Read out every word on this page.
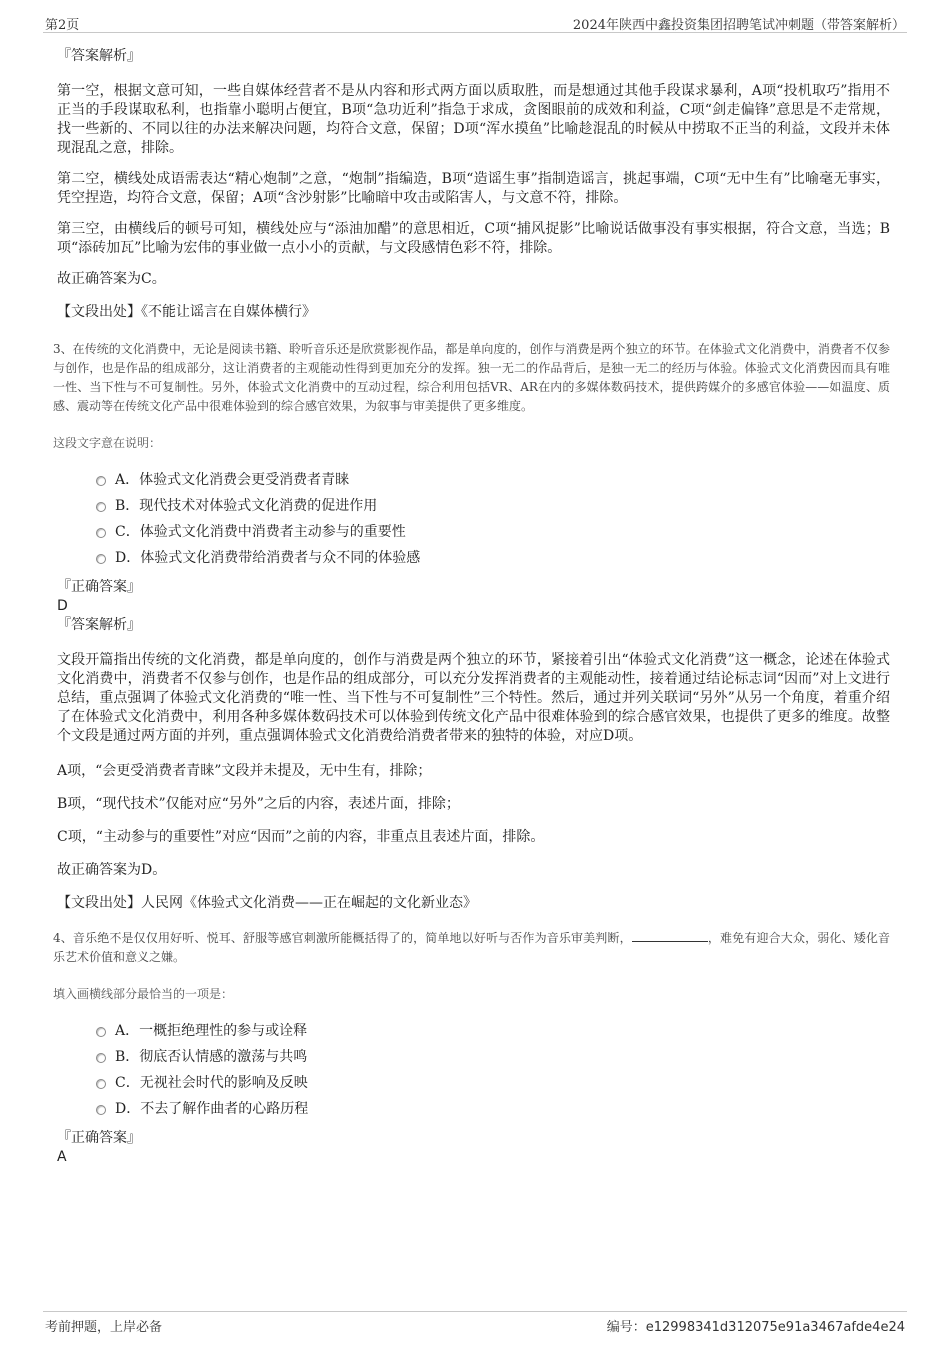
第2页	2024年陕西中鑫投资集团招聘笔试冲刺题（带答案解析）

『答案解析』

第一空，根据文意可知，一些自媒体经营者不是从内容和形式两方面以质取胜，而是想通过其他手段谋求暴利，A项“投机取巧”指用不正当的手段谋取私利，也指靠小聪明占便宜，B项“急功近利”指急于求成，贪图眼前的成效和利益，C项“剑走偏锋”意思是不走常规，找一些新的、不同以往的办法来解决问题，均符合文意，保留；D项“浑水摸鱼”比喻趁混乱的时候从中捞取不正当的利益，文段并未体现混乱之意，排除。

第二空，横线处成语需表达“精心炮制”之意，“炮制”指编造，B项“造谣生事”指制造谣言，挑起事端，C项“无中生有”比喻毫无事实，凭空捏造，均符合文意，保留；A项“含沙射影”比喻暗中攻击或陷害人，与文意不符，排除。

第三空，由横线后的顿号可知，横线处应与“添油加醋”的意思相近，C项“捕风捉影”比喻说话做事没有事实根据，符合文意，当选；B项“添砖加瓦”比喻为宏伟的事业做一点小小的贡献，与文段感情色彩不符，排除。

故正确答案为C。

【文段出处】《不能让谣言在自媒体横行》

3、在传统的文化消费中，无论是阅读书籍、聆听音乐还是欣赏影视作品，都是单向度的，创作与消费是两个独立的环节。在体验式文化消费中，消费者不仅参与创作，也是作品的组成部分，这让消费者的主观能动性得到更加充分的发挥。独一无二的作品背后，是独一无二的经历与体验。体验式文化消费因而具有唯一性、当下性与不可复制性。另外，体验式文化消费中的互动过程，综合利用包括VR、AR在内的多媒体数码技术，提供跨媒介的多感官体验——如温度、质感、震动等在传统文化产品中很难体验到的综合感官效果，为叙事与审美提供了更多维度。

这段文字意在说明：

A．体验式文化消费会更受消费者青睐
B．现代技术对体验式文化消费的促进作用
C．体验式文化消费中消费者主动参与的重要性
D．体验式文化消费带给消费者与众不同的体验感

『正确答案』

D

『答案解析』

文段开篇指出传统的文化消费，都是单向度的，创作与消费是两个独立的环节，紧接着引出“体验式文化消费”这一概念，论述在体验式文化消费中，消费者不仅参与创作，也是作品的组成部分，可以充分发挥消费者的主观能动性，接着通过结论标志词“因而”对上文进行总结，重点强调了体验式文化消费的“唯一性、当下性与不可复制性”三个特性。然后，通过并列关联词“另外”从另一个角度，着重介绍了在体验式文化消费中，利用各种多媒体数码技术可以体验到传统文化产品中很难体验到的综合感官效果，也提供了更多的维度。故整个文段是通过两方面的并列，重点强调体验式文化消费给消费者带来的独特的体验，对应D项。

A项，“会更受消费者青睐”文段并未提及，无中生有，排除；

B项，“现代技术”仅能对应“另外”之后的内容，表述片面，排除；

C项，“主动参与的重要性”对应“因而”之前的内容，非重点且表述片面，排除。

故正确答案为D。

【文段出处】人民网《体验式文化消费——正在崛起的文化新业态》

4、音乐绝不是仅仅用好听、悦耳、舒服等感官刺激所能概括得了的，简单地以好听与否作为音乐审美判断，	，难免有迎合大众，弱化、矮化音乐艺术价值和意义之嫌。

填入画横线部分最恰当的一项是：

A．一概拒绝理性的参与或诠释
B．彻底否认情感的激荡与共鸣
C．无视社会时代的影响及反映
D．不去了解作曲者的心路历程

『正确答案』

A

考前押题，上岸必备	编号：e12998341d312075e91a3467afde4e24
